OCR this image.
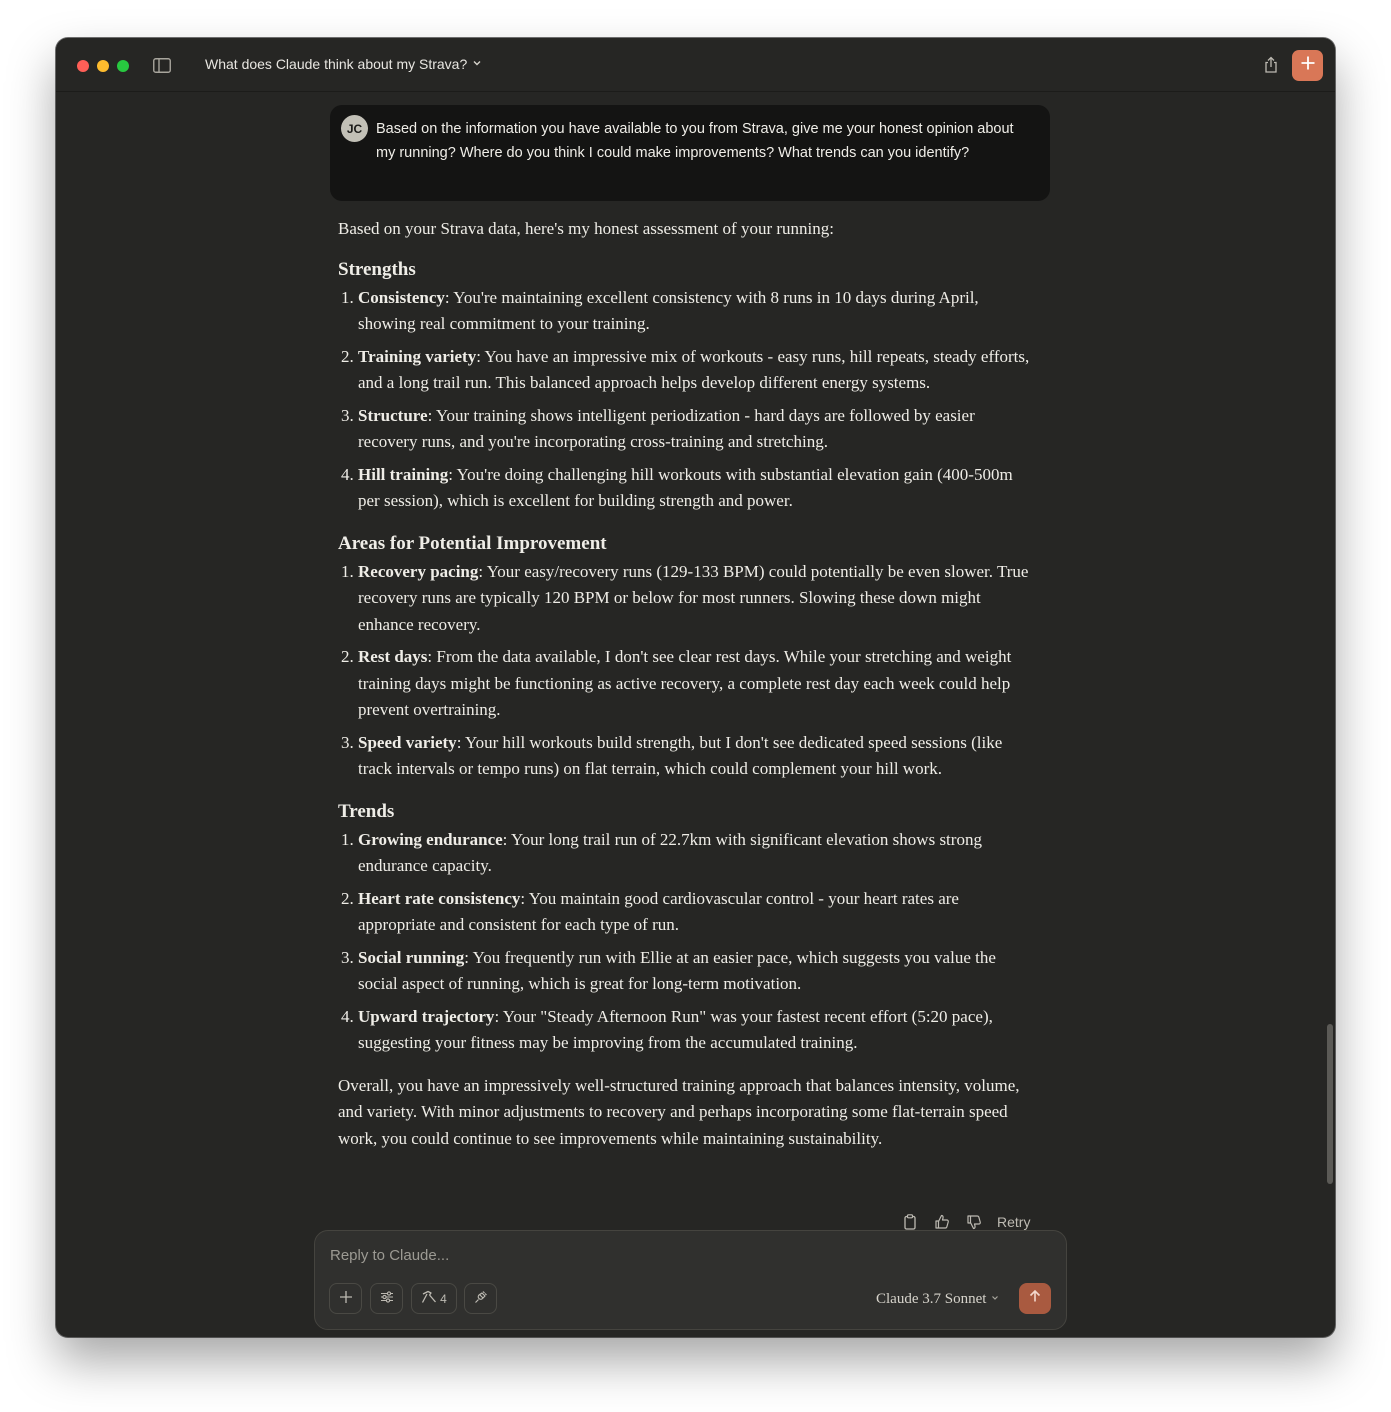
What does Claude think about my Strava?
JC Based on the information you have available to you from Strava, give me your honest opinion about my running? Where do you think I could make improvements? What trends can you identify?

Based on your Strava data, here's my honest assessment of your running:

Strengths
1. Consistency: You're maintaining excellent consistency with 8 runs in 10 days during April, showing real commitment to your training.
2. Training variety: You have an impressive mix of workouts - easy runs, hill repeats, steady efforts, and a long trail run. This balanced approach helps develop different energy systems.
3. Structure: Your training shows intelligent periodization - hard days are followed by easier recovery runs, and you're incorporating cross-training and stretching.
4. Hill training: You're doing challenging hill workouts with substantial elevation gain (400-500m per session), which is excellent for building strength and power.
Areas for Potential Improvement
1. Recovery pacing: Your easy/recovery runs (129-133 BPM) could potentially be even slower. True recovery runs are typically 120 BPM or below for most runners. Slowing these down might enhance recovery.
2. Rest days: From the data available, I don't see clear rest days. While your stretching and weight training days might be functioning as active recovery, a complete rest day each week could help prevent overtraining.
3. Speed variety: Your hill workouts build strength, but I don't see dedicated speed sessions (like track intervals or tempo runs) on flat terrain, which could complement your hill work.
Trends
1. Growing endurance: Your long trail run of 22.7km with significant elevation shows strong endurance capacity.
2. Heart rate consistency: You maintain good cardiovascular control - your heart rates are appropriate and consistent for each type of run.
3. Social running: You frequently run with Ellie at an easier pace, which suggests you value the social aspect of running, which is great for long-term motivation.
4. Upward trajectory: Your "Steady Afternoon Run" was your fastest recent effort (5:20 pace), suggesting your fitness may be improving from the accumulated training.

Overall, you have an impressively well-structured training approach that balances intensity, volume, and variety. With minor adjustments to recovery and perhaps incorporating some flat-terrain speed work, you could continue to see improvements while maintaining sustainability.

Retry
Reply to Claude...
4	Claude 3.7 Sonnet
